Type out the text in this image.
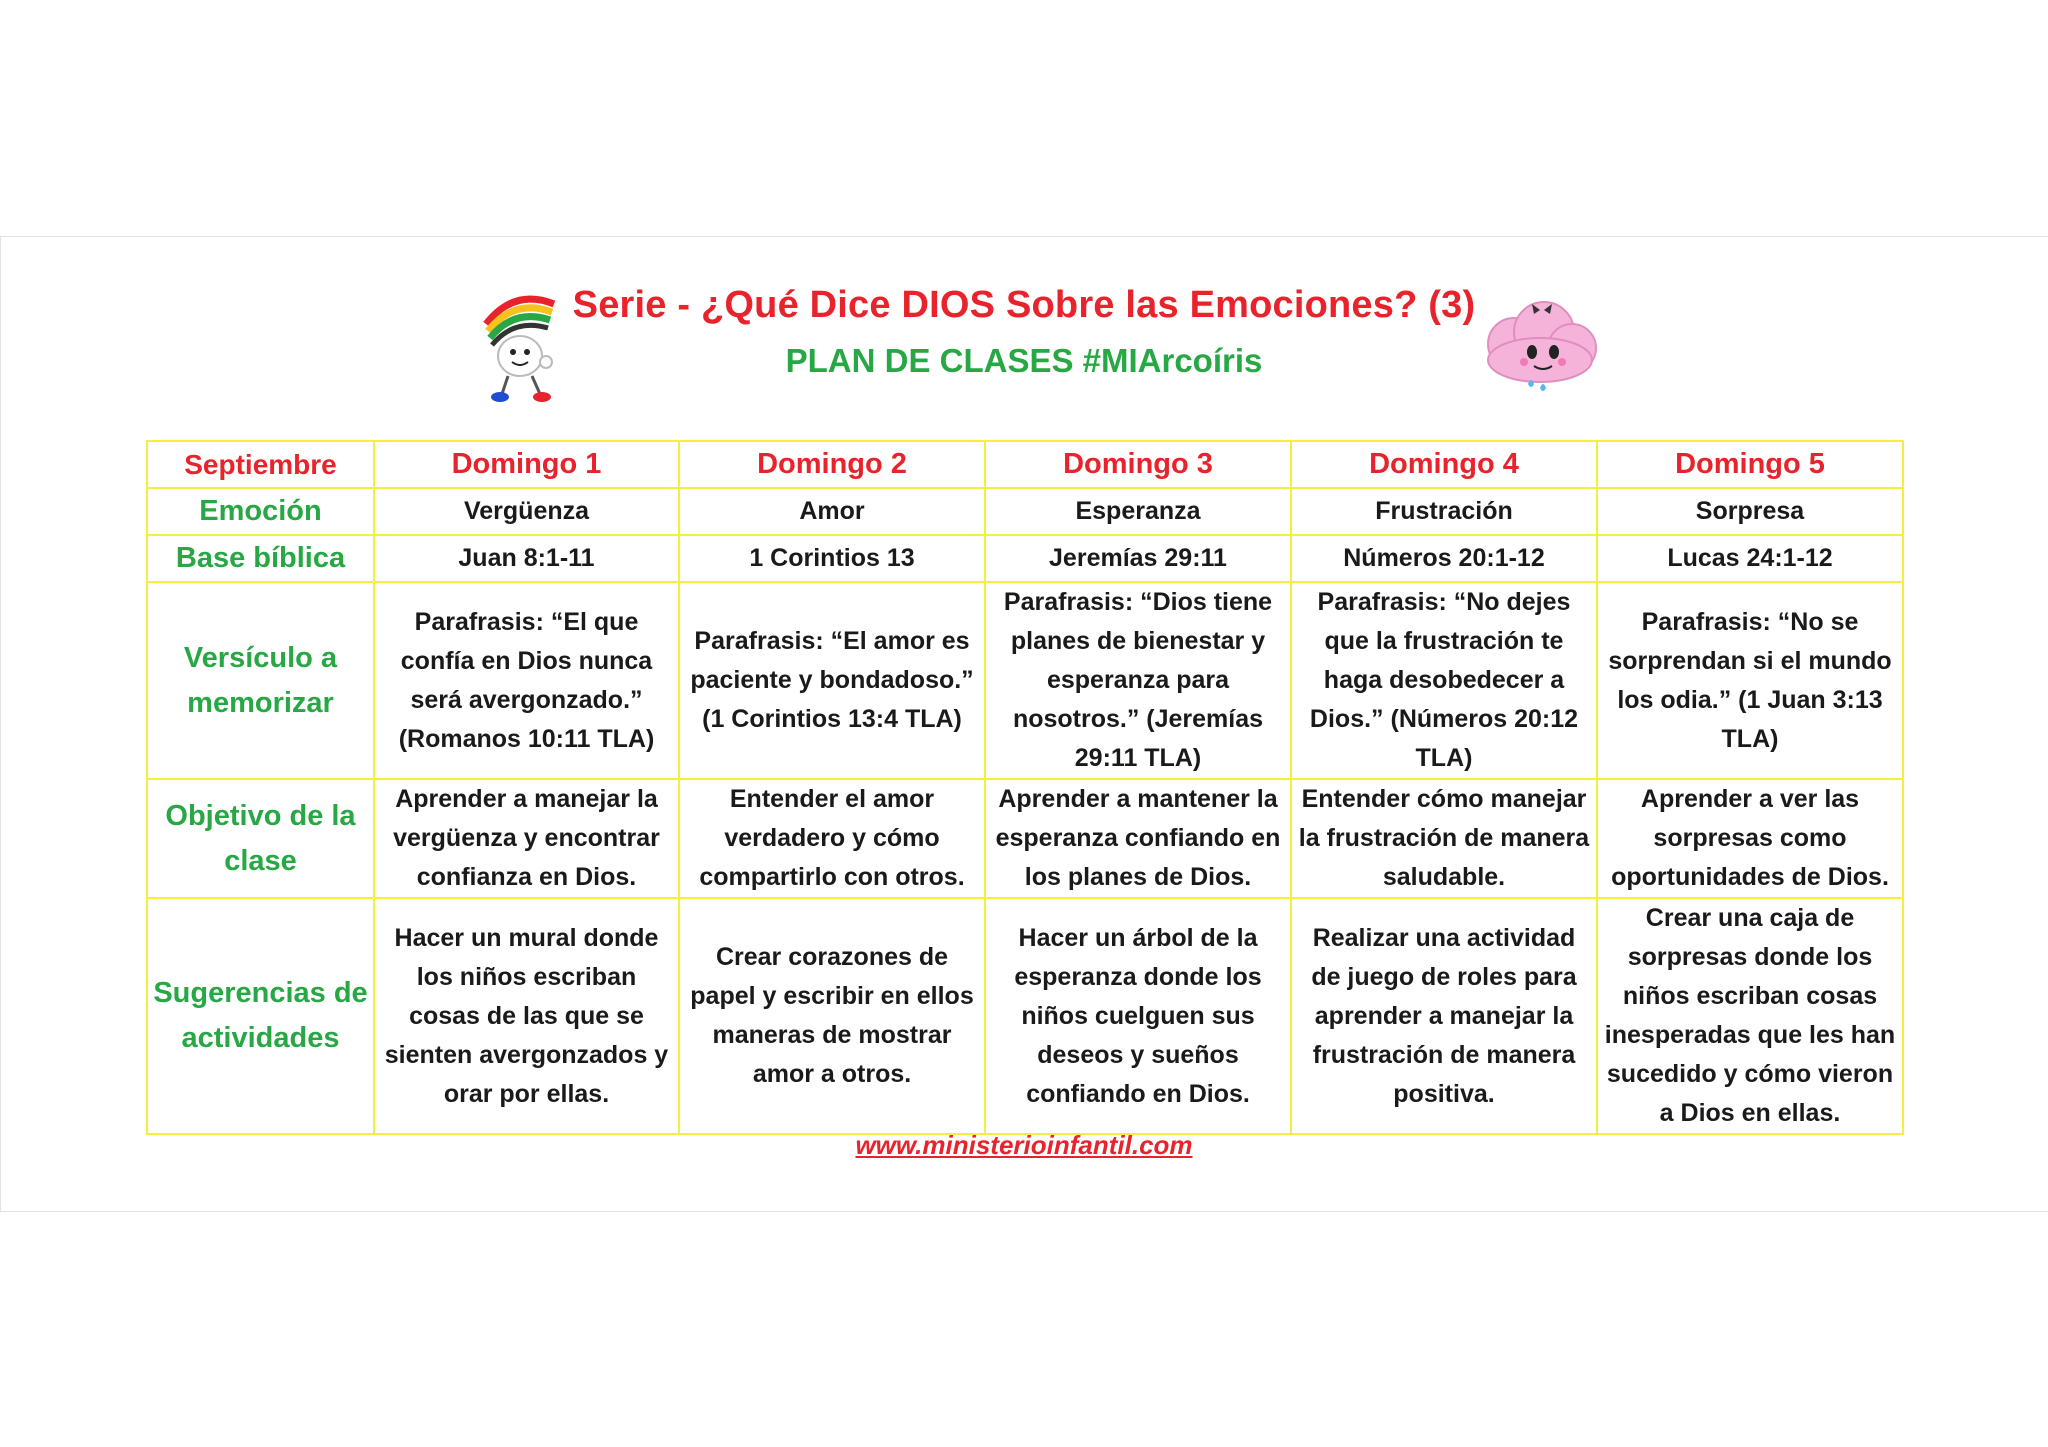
Serie - ¿Qué Dice DIOS Sobre las Emociones? (3)
PLAN DE CLASES #MIArcoíris
Septiembre	Domingo 1	Domingo 2	Domingo 3	Domingo 4	Domingo 5
Emoción	Vergüenza	Amor	Esperanza	Frustración	Sorpresa
Base bíblica	Juan 8:1-11	1 Corintios 13	Jeremías 29:11	Números 20:1-12	Lucas 24:1-12
Versículo a memorizar	Parafrasis: “El que confía en Dios nunca será avergonzado.” (Romanos 10:11 TLA)	Parafrasis: “El amor es paciente y bondadoso.” (1 Corintios 13:4 TLA)	Parafrasis: “Dios tiene planes de bienestar y esperanza para nosotros.” (Jeremías 29:11 TLA)	Parafrasis: “No dejes que la frustración te haga desobedecer a Dios.” (Números 20:12 TLA)	Parafrasis: “No se sorprendan si el mundo los odia.” (1 Juan 3:13 TLA)
Objetivo de la clase	Aprender a manejar la vergüenza y encontrar confianza en Dios.	Entender el amor verdadero y cómo compartirlo con otros.	Aprender a mantener la esperanza confiando en los planes de Dios.	Entender cómo manejar la frustración de manera saludable.	Aprender a ver las sorpresas como oportunidades de Dios.
Sugerencias de actividades	Hacer un mural donde los niños escriban cosas de las que se sienten avergonzados y orar por ellas.	Crear corazones de papel y escribir en ellos maneras de mostrar amor a otros.	Hacer un árbol de la esperanza donde los niños cuelguen sus deseos y sueños confiando en Dios.	Realizar una actividad de juego de roles para aprender a manejar la frustración de manera positiva.	Crear una caja de sorpresas donde los niños escriban cosas inesperadas que les han sucedido y cómo vieron a Dios en ellas.
www.ministerioinfantil.com
